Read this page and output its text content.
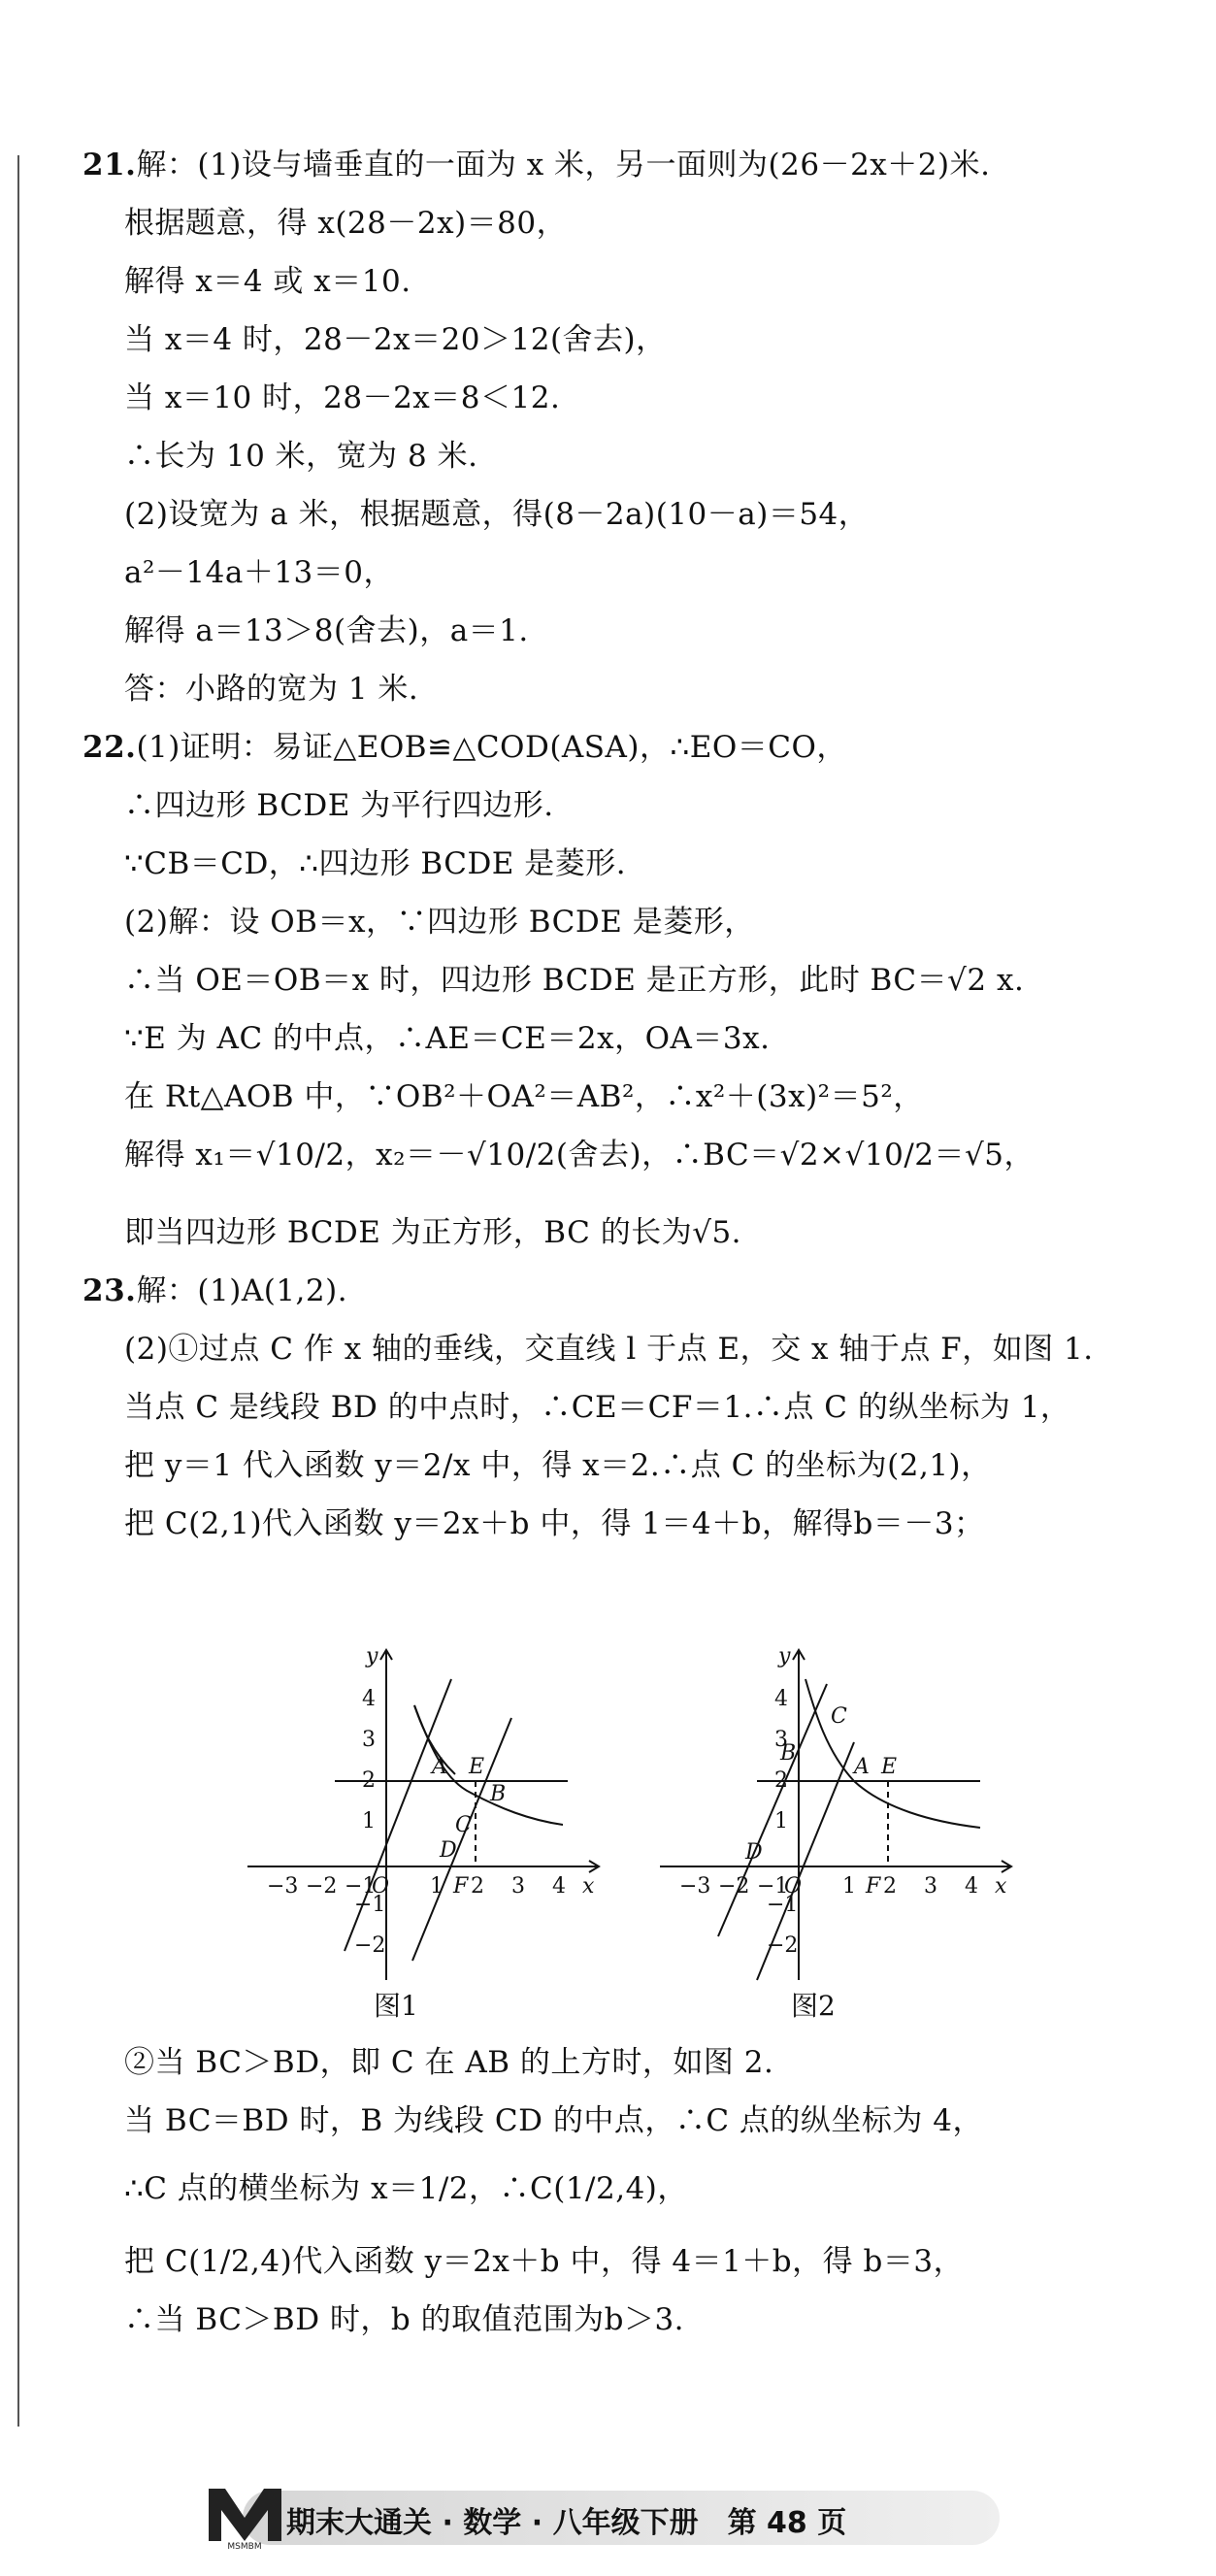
21.解：(1)设与墙垂直的一面为 x 米，另一面则为(26－2x＋2)米.
根据题意，得 x(28－2x)＝80，
解得 x＝4 或 x＝10.
当 x＝4 时，28－2x＝20＞12(舍去)，
当 x＝10 时，28－2x＝8＜12.
∴长为 10 米，宽为 8 米.
(2)设宽为 a 米，根据题意，得(8－2a)(10－a)＝54，
a²－14a＋13＝0，
解得 a＝13＞8(舍去)，a＝1.
答：小路的宽为 1 米.
22.(1)证明：易证△EOB≌△COD(ASA)，∴EO＝CO，
∴四边形 BCDE 为平行四边形.
∵CB＝CD，∴四边形 BCDE 是菱形.
(2)解：设 OB＝x，∵四边形 BCDE 是菱形，
∴当 OE＝OB＝x 时，四边形 BCDE 是正方形，此时 BC＝√2 x.
∵E 为 AC 的中点，∴AE＝CE＝2x，OA＝3x.
在 Rt△AOB 中，∵OB²＋OA²＝AB²，∴x²＋(3x)²＝5²，
解得 x₁＝√10/2，x₂＝－√10/2(舍去)，∴BC＝√2×√10/2＝√5，
即当四边形 BCDE 为正方形，BC 的长为√5.
23.解：(1)A(1,2).
(2)①过点 C 作 x 轴的垂线，交直线 l 于点 E，交 x 轴于点 F，如图 1.
当点 C 是线段 BD 的中点时，∴CE＝CF＝1.∴点 C 的纵坐标为 1，
把 y＝1 代入函数 y＝2/x 中，得 x＝2.∴点 C 的坐标为(2,1)，
把 C(2,1)代入函数 y＝2x＋b 中，得 1＝4＋b，解得b＝－3；
②当 BC＞BD，即 C 在 AB 的上方时，如图 2.
当 BC＝BD 时，B 为线段 CD 的中点，∴C 点的纵坐标为 4，
∴C 点的横坐标为 x＝1/2，∴C(1/2,4)，
把 C(1/2,4)代入函数 y＝2x＋b 中，得 4＝1＋b，得 b＝3，
∴当 BC＞BD 时，b 的取值范围为b＞3.
−3 −2 −1
O 1 F 2 3 4 x
4
3
2
1
−1
−2
y
A E
B
C
D
图1
−3 −2 −1
O 1 F 2 3 4 x
4
3
2
1
−1
−2
y
C
B
A E
D
图2
MSMBM
期末大通关 · 数学 · 八年级下册　第 48 页
